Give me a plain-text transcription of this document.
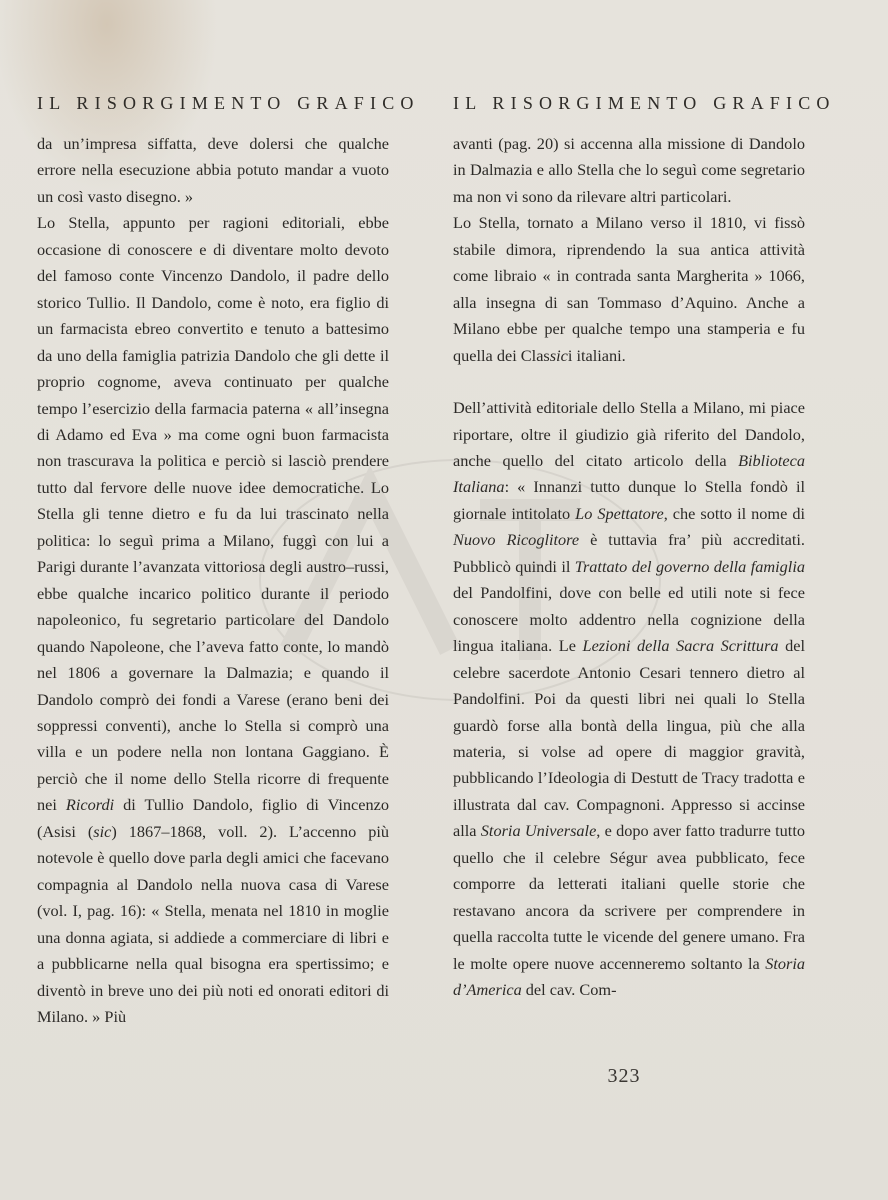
IL RISORGIMENTO GRAFICO IL RISORGIMENTO GRAFICO

da un’impresa siffatta, deve dolersi che qualche errore nella esecuzione abbia potuto mandar a vuoto un così vasto disegno. »

Lo Stella, appunto per ragioni editoriali, ebbe occasione di conoscere e di diventare molto devoto del famoso conte Vincenzo Dandolo, il padre dello storico Tullio. Il Dandolo, come è noto, era figlio di un farmacista ebreo convertito e tenuto a battesimo da uno della famiglia patrizia Dandolo che gli dette il proprio cognome, aveva continuato per qualche tempo l’esercizio della farmacia paterna « all’insegna di Adamo ed Eva » ma come ogni buon farmacista non trascurava la politica e perciò si lasciò prendere tutto dal fervore delle nuove idee democratiche. Lo Stella gli tenne dietro e fu da lui trascinato nella politica: lo seguì prima a Milano, fuggì con lui a Parigi durante l’avanzata vittoriosa degli austro–russi, ebbe qualche incarico politico durante il periodo napoleonico, fu segretario particolare del Dandolo quando Napoleone, che l’aveva fatto conte, lo mandò nel 1806 a governare la Dalmazia; e quando il Dandolo comprò dei fondi a Varese (erano beni dei soppressi conventi), anche lo Stella si comprò una villa e un podere nella non lontana Gaggiano. È perciò che il nome dello Stella ricorre di frequente nei Ricordi di Tullio Dandolo, figlio di Vincenzo (Asisi (sic) 1867–1868, voll. 2). L’accenno più notevole è quello dove parla degli amici che facevano compagnia al Dandolo nella nuova casa di Varese (vol. I, pag. 16): « Stella, menata nel 1810 in moglie una donna agiata, si addiede a commerciare di libri e a pubblicarne nella qual bisogna era spertissimo; e diventò in breve uno dei più noti ed onorati editori di Milano. » Più

avanti (pag. 20) si accenna alla missione di Dandolo in Dalmazia e allo Stella che lo seguì come segretario ma non vi sono da rilevare altri particolari.

Lo Stella, tornato a Milano verso il 1810, vi fissò stabile dimora, riprendendo la sua antica attività come libraio « in contrada santa Margherita » 1066, alla insegna di san Tommaso d’Aquino. Anche a Milano ebbe per qualche tempo una stamperia e fu quella dei Classici italiani.

Dell’attività editoriale dello Stella a Milano, mi piace riportare, oltre il giudizio già riferito del Dandolo, anche quello del citato articolo della Biblioteca Italiana: « Innanzi tutto dunque lo Stella fondò il giornale intitolato Lo Spettatore, che sotto il nome di Nuovo Ricoglitore è tuttavia fra’ più accreditati. Pubblicò quindi il Trattato del governo della famiglia del Pandolfini, dove con belle ed utili note si fece conoscere molto addentro nella cognizione della lingua italiana. Le Lezioni della Sacra Scrittura del celebre sacerdote Antonio Cesari tennero dietro al Pandolfini. Poi da questi libri nei quali lo Stella guardò forse alla bontà della lingua, più che alla materia, si volse ad opere di maggior gravità, pubblicando l’Ideologia di Destutt de Tracy tradotta e illustrata dal cav. Compagnoni. Appresso si accinse alla Storia Universale, e dopo aver fatto tradurre tutto quello che il celebre Ségur avea pubblicato, fece comporre da letterati italiani quelle storie che restavano ancora da scrivere per comprendere in quella raccolta tutte le vicende del genere umano. Fra le molte opere nuove accenneremo soltanto la Storia d’America del cav. Com-

323
